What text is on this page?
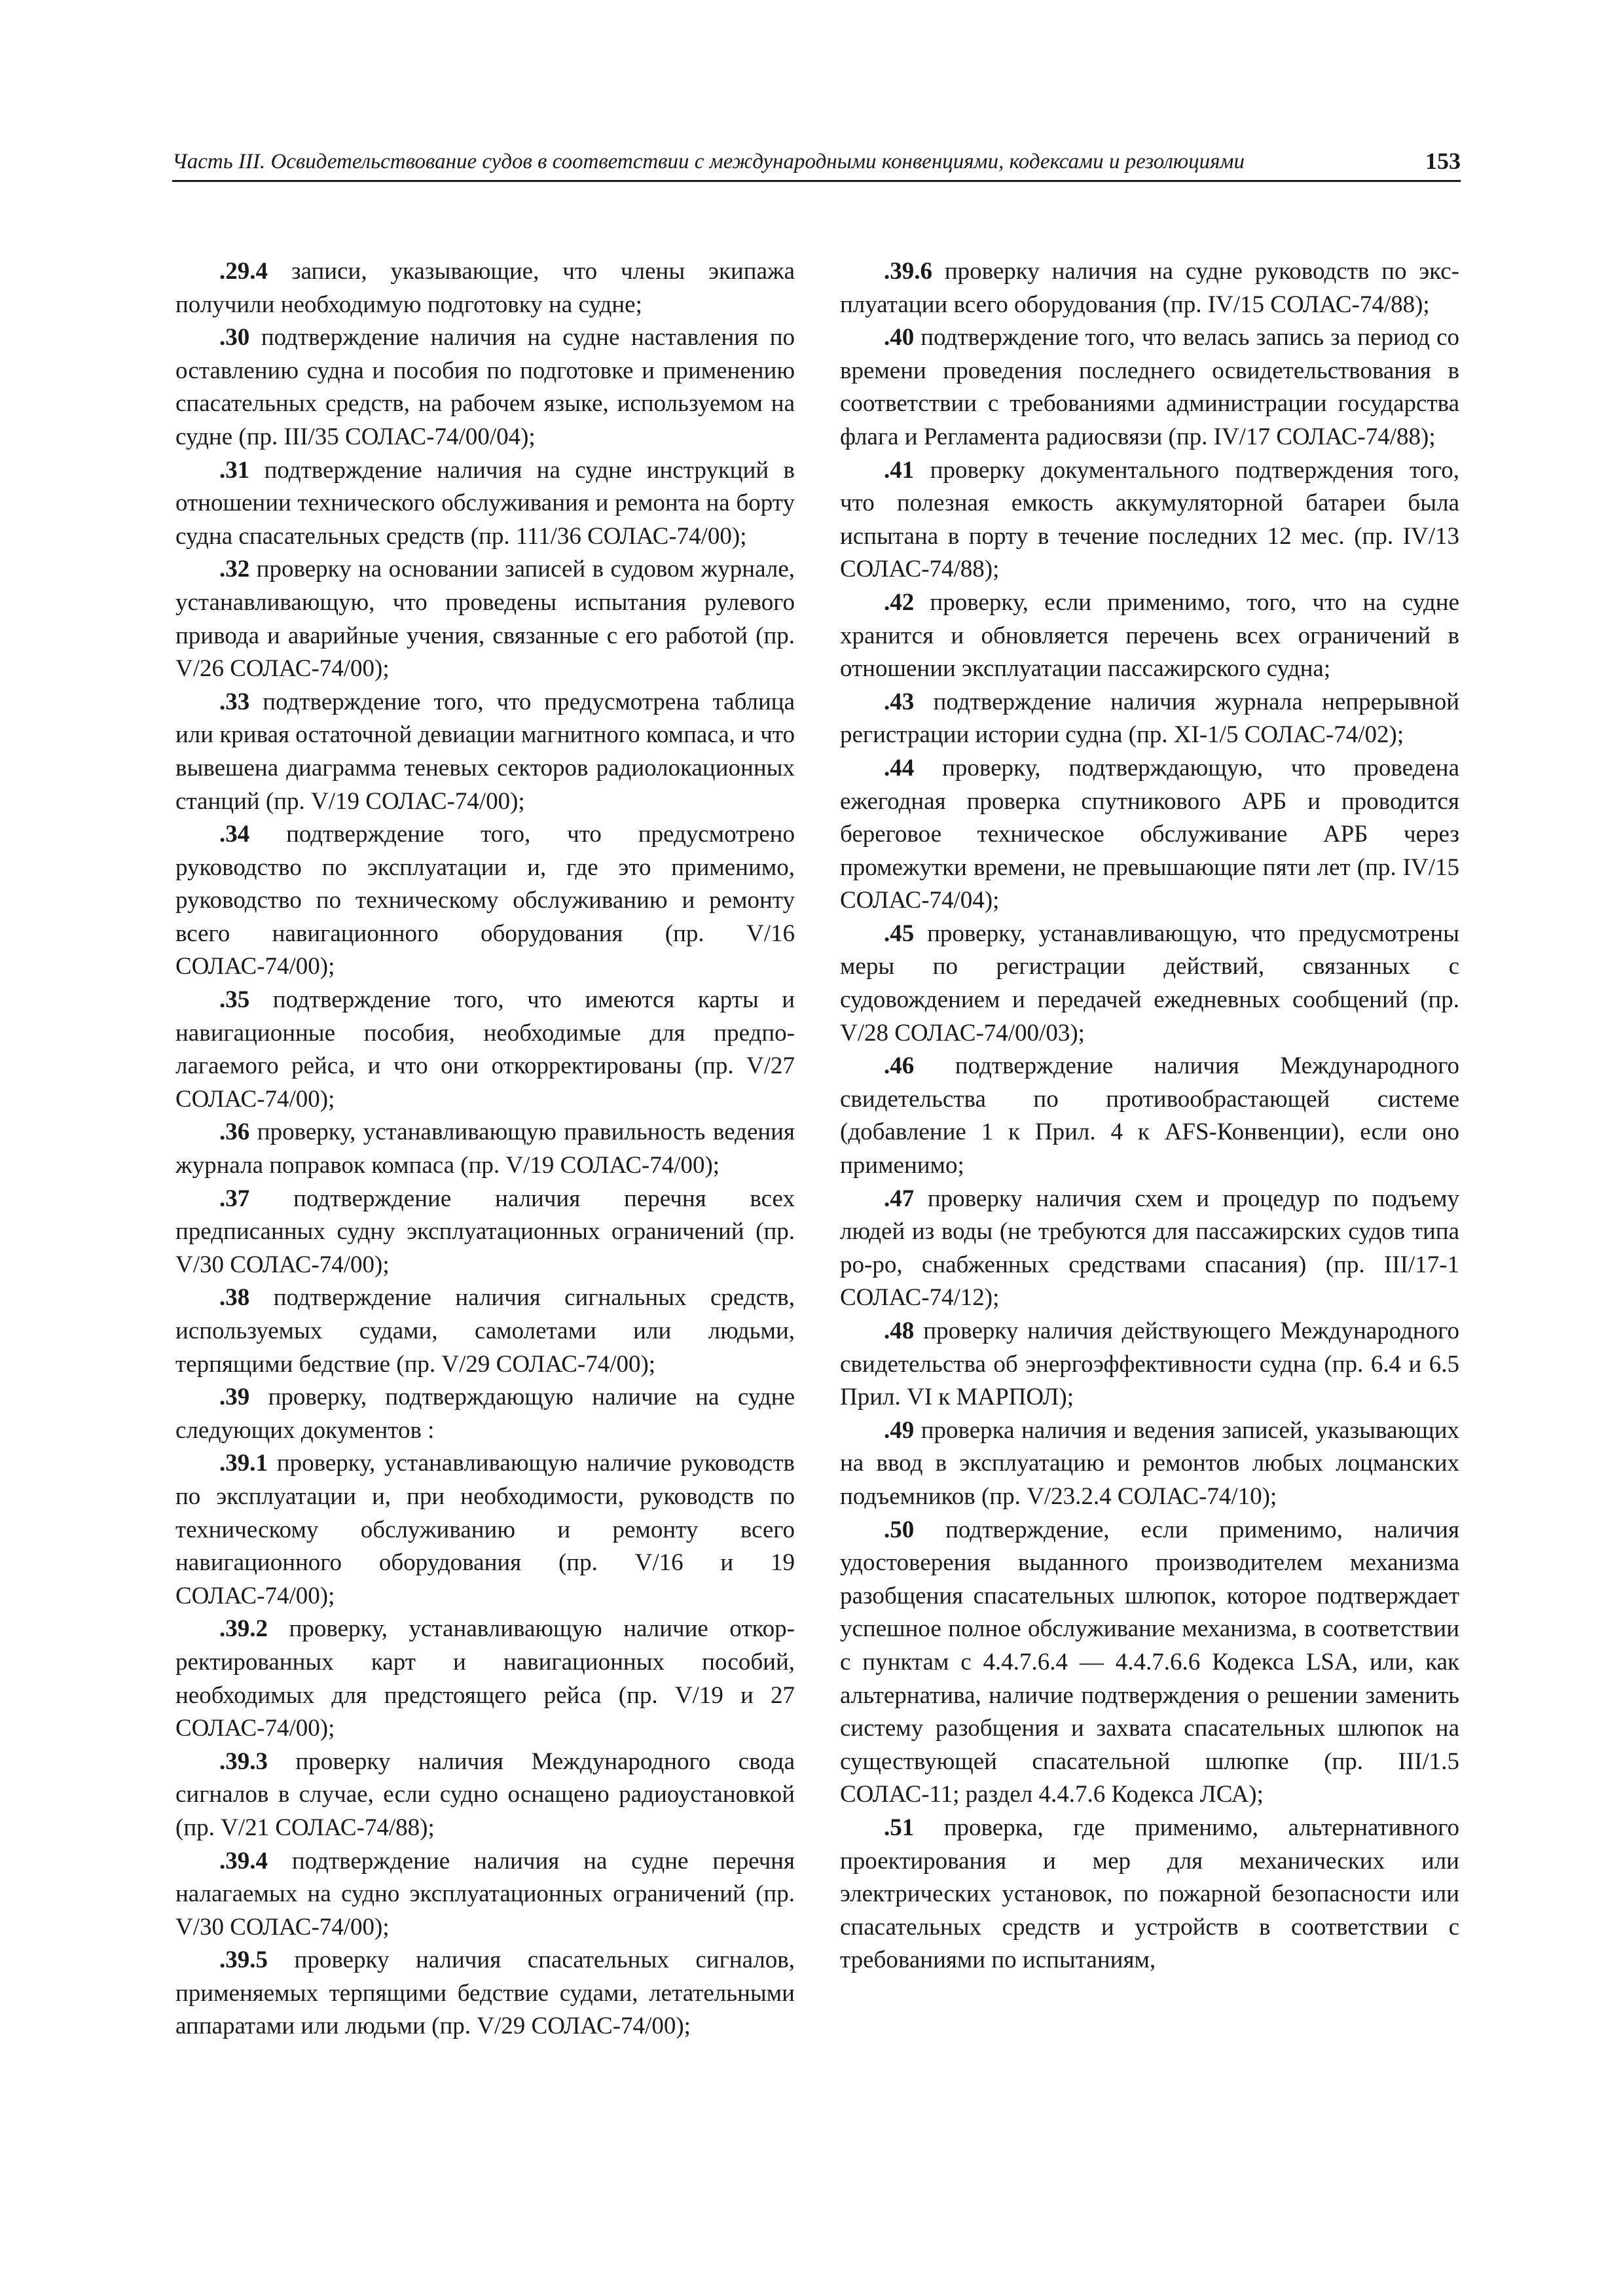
Часть III. Освидетельствование судов в соответствии с международными конвенциями, кодексами и резолюциями	153

.29.4 записи, указывающие, что члены экипажа получили необходимую подготовку на судне;

.30 подтверждение наличия на судне наставления по оставлению судна и пособия по подготовке и применению спасательных средств, на рабочем языке, используемом на судне (пр. III/35 СОЛАС-74/00/04);

.31 подтверждение наличия на судне инструкций в отношении технического обслуживания и ремонта на борту судна спасательных средств (пр. 111/36 СОЛАС-74/00);

.32 проверку на основании записей в судовом журнале, устанавливающую, что проведены испытания рулевого привода и аварийные учения, связанные с его работой (пр. V/26 СОЛАС-74/00);

.33 подтверждение того, что предусмотрена таблица или кривая остаточной девиации магнитного компаса, и что вывешена диаграмма теневых секторов радиолокационных станций (пр. V/19 СОЛАС-74/00);

.34 подтверждение того, что предусмотрено руководство по эксплуатации и, где это применимо, руководство по техническому обслуживанию и ремонту всего навигационного оборудования (пр. V/16 СОЛАС-74/00);

.35 подтверждение того, что имеются карты и навигационные пособия, необходимые для предполагаемого рейса, и что они откорректированы (пр. V/27 СОЛАС-74/00);

.36 проверку, устанавливающую правильность ведения журнала поправок компаса (пр. V/19 СОЛАС-74/00);

.37 подтверждение наличия перечня всех предписанных судну эксплуатационных ограничений (пр. V/30 СОЛАС-74/00);

.38 подтверждение наличия сигнальных средств, используемых судами, самолетами или людьми, терпящими бедствие (пр. V/29 СОЛАС-74/00);

.39 проверку, подтверждающую наличие на судне следующих документов :

.39.1 проверку, устанавливающую наличие руководств по эксплуатации и, при необходимости, руководств по техническому обслуживанию и ремонту всего навигационного оборудования (пр. V/16 и 19 СОЛАС-74/00);

.39.2 проверку, устанавливающую наличие откорректированных карт и навигационных пособий, необходимых для предстоящего рейса (пр. V/19 и 27 СОЛАС-74/00);

.39.3 проверку наличия Международного свода сигналов в случае, если судно оснащено радиоустановкой (пр. V/21 СОЛАС-74/88);

.39.4 подтверждение наличия на судне перечня налагаемых на судно эксплуатационных ограничений (пр. V/30 СОЛАС-74/00);

.39.5 проверку наличия спасательных сигналов, применяемых терпящими бедствие судами, летательными аппаратами или людьми (пр. V/29 СОЛАС-74/00);

.39.6 проверку наличия на судне руководств по эксплуатации всего оборудования (пр. IV/15 СОЛАС-74/88);

.40 подтверждение того, что велась запись за период со времени проведения последнего освидетельствования в соответствии с требованиями администрации государства флага и Регламента радиосвязи (пр. IV/17 СОЛАС-74/88);

.41 проверку документального подтверждения того, что полезная емкость аккумуляторной батареи была испытана в порту в течение последних 12 мес. (пр. IV/13 СОЛАС-74/88);

.42 проверку, если применимо, того, что на судне хранится и обновляется перечень всех ограничений в отношении эксплуатации пассажирского судна;

.43 подтверждение наличия журнала непрерывной регистрации истории судна (пр. XI-1/5 СОЛАС-74/02);

.44 проверку, подтверждающую, что проведена ежегодная проверка спутникового АРБ и проводится береговое техническое обслуживание АРБ через промежутки времени, не превышающие пяти лет (пр. IV/15 СОЛАС-74/04);

.45 проверку, устанавливающую, что предусмотрены меры по регистрации действий, связанных с судовождением и передачей ежедневных сообщений (пр. V/28 СОЛАС-74/00/03);

.46 подтверждение наличия Международного свидетельства по противообрастающей системе (добавление 1 к Прил. 4 к AFS-Конвенции), если оно применимо;

.47 проверку наличия схем и процедур по подъему людей из воды (не требуются для пассажирских судов типа ро-ро, снабженных средствами спасания) (пр. III/17-1 СОЛАС-74/12);

.48 проверку наличия действующего Международного свидетельства об энергоэффективности судна (пр. 6.4 и 6.5 Прил. VI к МАРПОЛ);

.49 проверка наличия и ведения записей, указывающих на ввод в эксплуатацию и ремонтов любых лоцманских подъемников (пр. V/23.2.4 СОЛАС-74/10);

.50 подтверждение, если применимо, наличия удостоверения выданного производителем механизма разобщения спасательных шлюпок, которое подтверждает успешное полное обслуживание механизма, в соответствии с пунктам с 4.4.7.6.4 — 4.4.7.6.6 Кодекса LSA, или, как альтернатива, наличие подтверждения о решении заменить систему разобщения и захвата спасательных шлюпок на существующей спасательной шлюпке (пр. III/1.5 СОЛАС-11; раздел 4.4.7.6 Кодекса ЛСА);

.51 проверка, где применимо, альтернативного проектирования и мер для механических или электрических установок, по пожарной безопасности или спасательных средств и устройств в соответствии с требованиями по испытаниям,
